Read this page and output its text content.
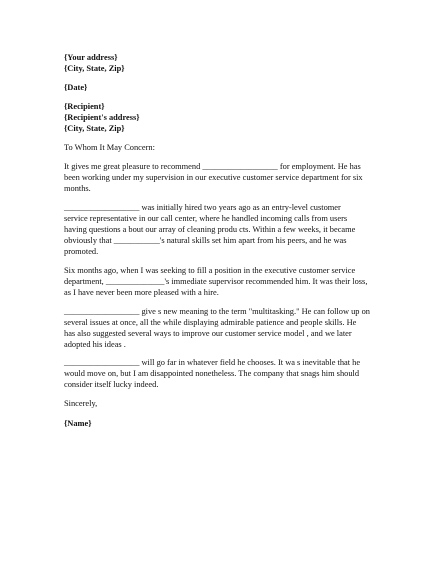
{Your address}

{City, State, Zip}

{Date}

{Recipient}

{Recipient's address}

{City, State, Zip}

To Whom It May Concern:

It gives me great pleasure to recommend __________________ for employment. He has

been working under my supervision in our executive customer service department for six

months.

__________________ was initially hired two years ago as an entry-level customer

service representative in our call center, where he handled incoming calls from users

having questions a bout our array of cleaning produ cts. Within a few weeks, it became

obviously that ___________'s natural skills set him apart from his peers, and he was

promoted.

Six months ago, when I was seeking to fill a position in the executive customer service

department, ______________'s immediate supervisor recommended him. It was their loss,

as I have never been more pleased with a hire.

__________________ give s new meaning to the term "multitasking." He can follow up on

several issues at once, all the while displaying admirable patience and people skills. He

has also suggested several ways to improve our customer service model , and we later

adopted his ideas .

__________________ will go far in whatever field he chooses. It wa s inevitable that he

would move on, but I am disappointed nonetheless. The company that snags him should

consider itself lucky indeed.

Sincerely,

{Name}
